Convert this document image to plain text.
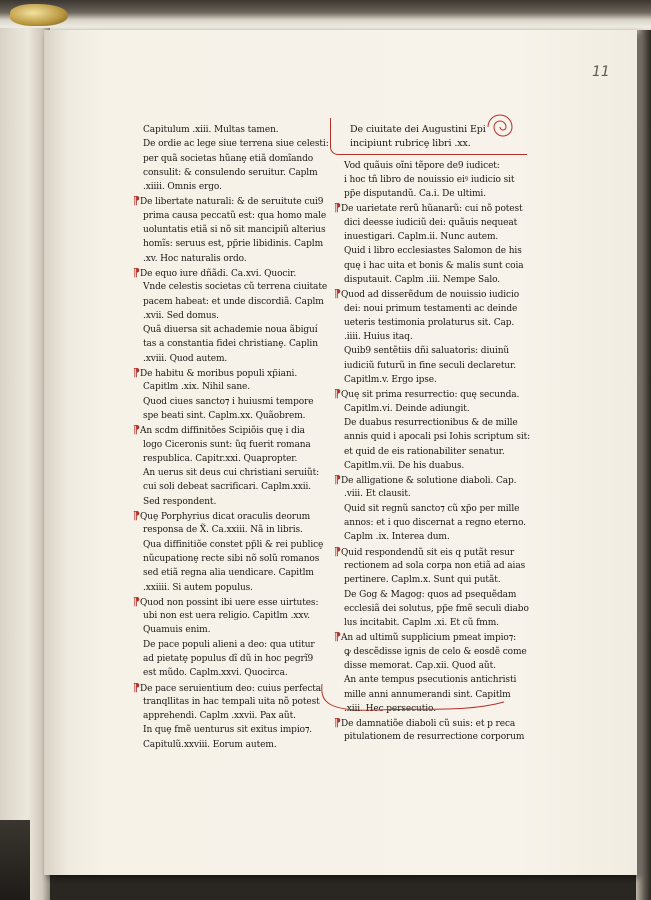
11
Capitulum .xiii. Multas tamen.
De ordie ac lege siue terrena siue celesti:
per quã societas hũanȩ etiã domĩando
consulit: & consulendo seruitur. Caplm
.xiiii. Omnis ergo.
⁋De libertate naturali: & de seruitute cui9
prima causa peccatũ est: qua homo male
uoluntatis etiã si nõ sit mancipiũ alterius
homĩs: seruus est, pp̃rie libidinis. Caplm
.xv. Hoc naturalis ordo.
⁋De equo iure dñãdi. Ca.xvi. Quocir.
Vnde celestis societas cũ terrena ciuitate
pacem habeat: et unde discordiã. Caplm
.xvii. Sed domus.
Quã diuersa sit achademie noua ãbiguı́
tas a constantia fidei christianȩ. Caplin
.xviii. Quod autem.
⁋De habitu & moribus populi xp̃iani.
Capitlm .xix. Nihil sane.
Quod ciues sancto⁊ i huiusmi tempore
spe beati sint. Caplm.xx. Quãobrem.
⁋An scdm diffinitões Scipiõis quę i dia
logo Ciceronis sunt: ũq fuerit romana
respublica. Capitr.xxi. Quapropter.
An uerus sit deus cui christiani seruiũt:
cui soli debeat sacrificari. Caplm.xxii.
Sed respondent.
⁋Quȩ Porphyrius dicat oraculis deorum
responsa de X̃. Ca.xxiii. Nã in libris.
Qua diffinitiõe constet pp̃li & rei publicȩ
nũcupationȩ recte sibi nõ solũ romanos
sed etiã regna alia uendicare. Capitlm
.xxiiii. Si autem populus.
⁋Quod non possint ibi uere esse uirtutes:
ubi non est uera religio. Capitlm .xxv.
Quamuis enim.
De pace populi alieni a deo: qua utitur
ad pietatȩ populus dĩ dũ in hoc pegrĩ9
est mũdo. Caplm.xxvi. Quocirca.
⁋De pace seruientium deo: cuius perfecta
tranqllitas in hac tempali uita nõ potest
apprehendi. Caplm .xxvii. Pax aũt.
In quȩ fmẽ uenturus sit exitus impio⁊.
Capitulũ.xxviii. Eorum autem.
De ciuitate dei Augustini Epi
incipiunt rubricȩ libri .xx.
Vod quãuis oĩni tẽpore de9 iudicet:
i hoc tñ libro de nouissio eiꝰ iudicio sit
pp̃e disputandũ. Ca.i. De ultimi.
⁋De uarietate rerũ hũanarũ: cui nõ potest
dici deesse iudiciũ dei: quãuis nequeat
inuestigari. Caplm.ii. Nunc autem.
Quid i libro ecclesiastes Salomon de his
quę i hac uita et bonis & malis sunt coia
disputauit. Caplm .iii. Nempe Salo.
⁋Quod ad disserẽdum de nouissio iudicio
dei: noui primum testamenti ac deinde
ueteris testimonia prolaturus sit. Cap.
.iiii. Huius itaq.
Quib9 sentẽtiis dñi saluatoris: diuinũ
iudiciũ futurũ in fine seculi declaretur.
Capitlm.v. Ergo ipse.
⁋Quę sit prima resurrectio: quę secunda.
Capitlm.vi. Deinde adiungit.
De duabus resurrectionibus & de mille
annis quid i apocali psi Iohis scriptum sit:
et quid de eis rationabiliter senatur.
Capitlm.vii. De his duabus.
⁋De alligatione & solutione diaboli. Cap.
.viii. Et clausit.
Quid sit regnũ sancto⁊ cũ xp̃o per mille
annos: et i quo discernat a regno eterno.
Caplm .ix. Interea dum.
⁋Quid respondendũ sit eis q putãt resur
rectionem ad sola corpa non etiã ad aias
pertinere. Caplm.x. Sunt qui putãt.
De Gog & Magog: quos ad psequẽdam
ecclesiã dei solutus, pp̃e fmẽ seculi diabo
lus incitabit. Caplm .xi. Et cũ fmm.
⁋An ad ultimũ supplicium pmeat impio⁊:
ꝙ descẽdisse ignis de celo & eosdẽ come
disse memorat. Cap.xii. Quod aũt.
An ante tempus psecutionis antichristi
mille anni annumerandi sint. Capitlm
.xiii. Hec persecutio.
⁋De damnatiõe diaboli cũ suis: et p reca
pitulationem de resurrectione corporum
